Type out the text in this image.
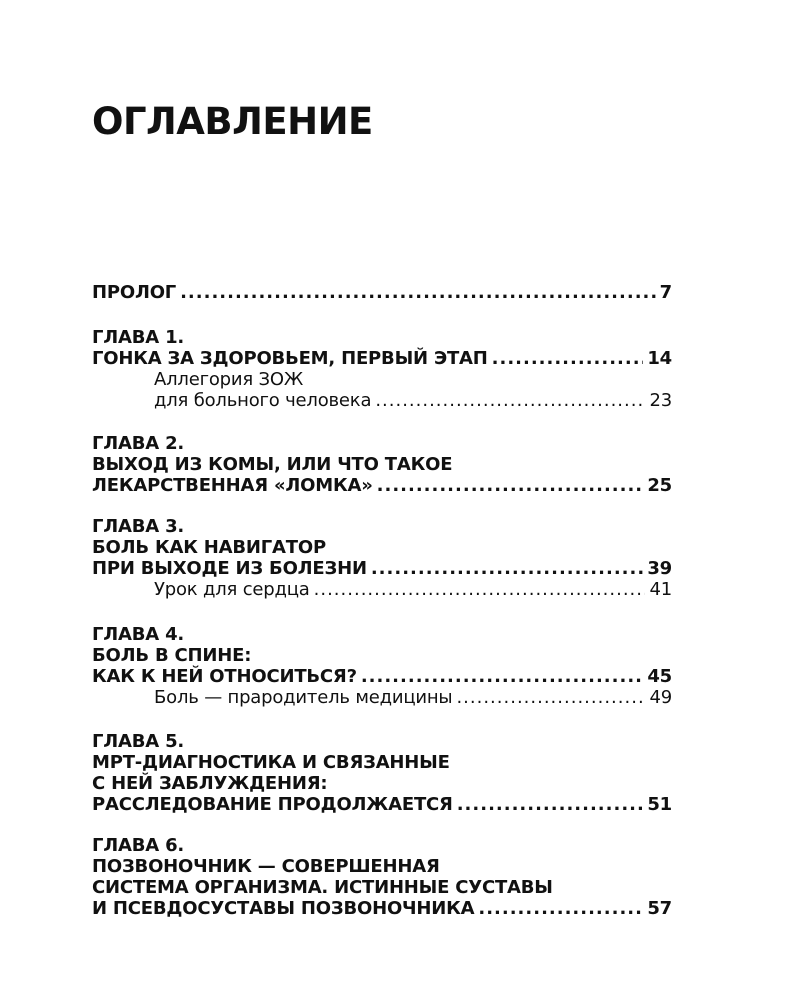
ОГЛАВЛЕНИЕ
ПРОЛОГ .....	7
ГЛАВА 1.
ГОНКА ЗА ЗДОРОВЬЕМ, ПЕРВЫЙ ЭТАП .....	14
Аллегория ЗОЖ
для больного человека .....	23
ГЛАВА 2.
ВЫХОД ИЗ КОМЫ, ИЛИ ЧТО ТАКОЕ
ЛЕКАРСТВЕННАЯ «ЛОМКА» .....	25
ГЛАВА 3.
БОЛЬ КАК НАВИГАТОР
ПРИ ВЫХОДЕ ИЗ БОЛЕЗНИ .....	39
Урок для сердца .....	41
ГЛАВА 4.
БОЛЬ В СПИНЕ:
КАК К НЕЙ ОТНОСИТЬСЯ? .....	45
Боль — прародитель медицины .....	49
ГЛАВА 5.
МРТ-ДИАГНОСТИКА И СВЯЗАННЫЕ
С НЕЙ ЗАБЛУЖДЕНИЯ:
РАССЛЕДОВАНИЕ ПРОДОЛЖАЕТСЯ .....	51
ГЛАВА 6.
ПОЗВОНОЧНИК — СОВЕРШЕННАЯ
СИСТЕМА ОРГАНИЗМА. ИСТИННЫЕ СУСТАВЫ
И ПСЕВДОСУСТАВЫ ПОЗВОНОЧНИКА .....	57
